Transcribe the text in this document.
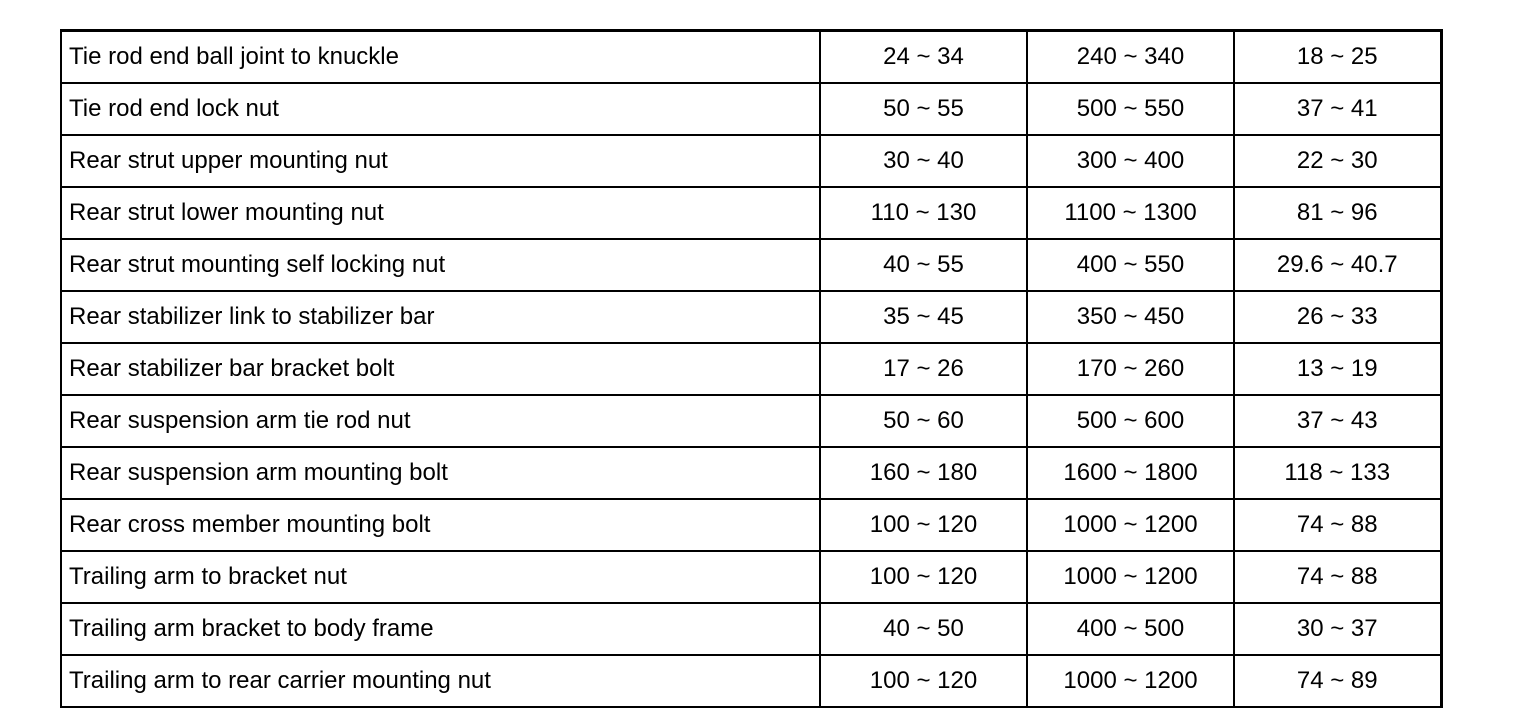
Tie rod end ball joint to knuckle	24 ~ 34	240 ~ 340	18 ~ 25
Tie rod end lock nut	50 ~ 55	500 ~ 550	37 ~ 41
Rear strut upper mounting nut	30 ~ 40	300 ~ 400	22 ~ 30
Rear strut lower mounting nut	110 ~ 130	1100 ~ 1300	81 ~ 96
Rear strut mounting self locking nut	40 ~ 55	400 ~ 550	29.6 ~ 40.7
Rear stabilizer link to stabilizer bar	35 ~ 45	350 ~ 450	26 ~ 33
Rear stabilizer bar bracket bolt	17 ~ 26	170 ~ 260	13 ~ 19
Rear suspension arm tie rod nut	50 ~ 60	500 ~ 600	37 ~ 43
Rear suspension arm mounting bolt	160 ~ 180	1600 ~ 1800	118 ~ 133
Rear cross member mounting bolt	100 ~ 120	1000 ~ 1200	74 ~ 88
Trailing arm to bracket nut	100 ~ 120	1000 ~ 1200	74 ~ 88
Trailing arm bracket to body frame	40 ~ 50	400 ~ 500	30 ~ 37
Trailing arm to rear carrier mounting nut	100 ~ 120	1000 ~ 1200	74 ~ 89
